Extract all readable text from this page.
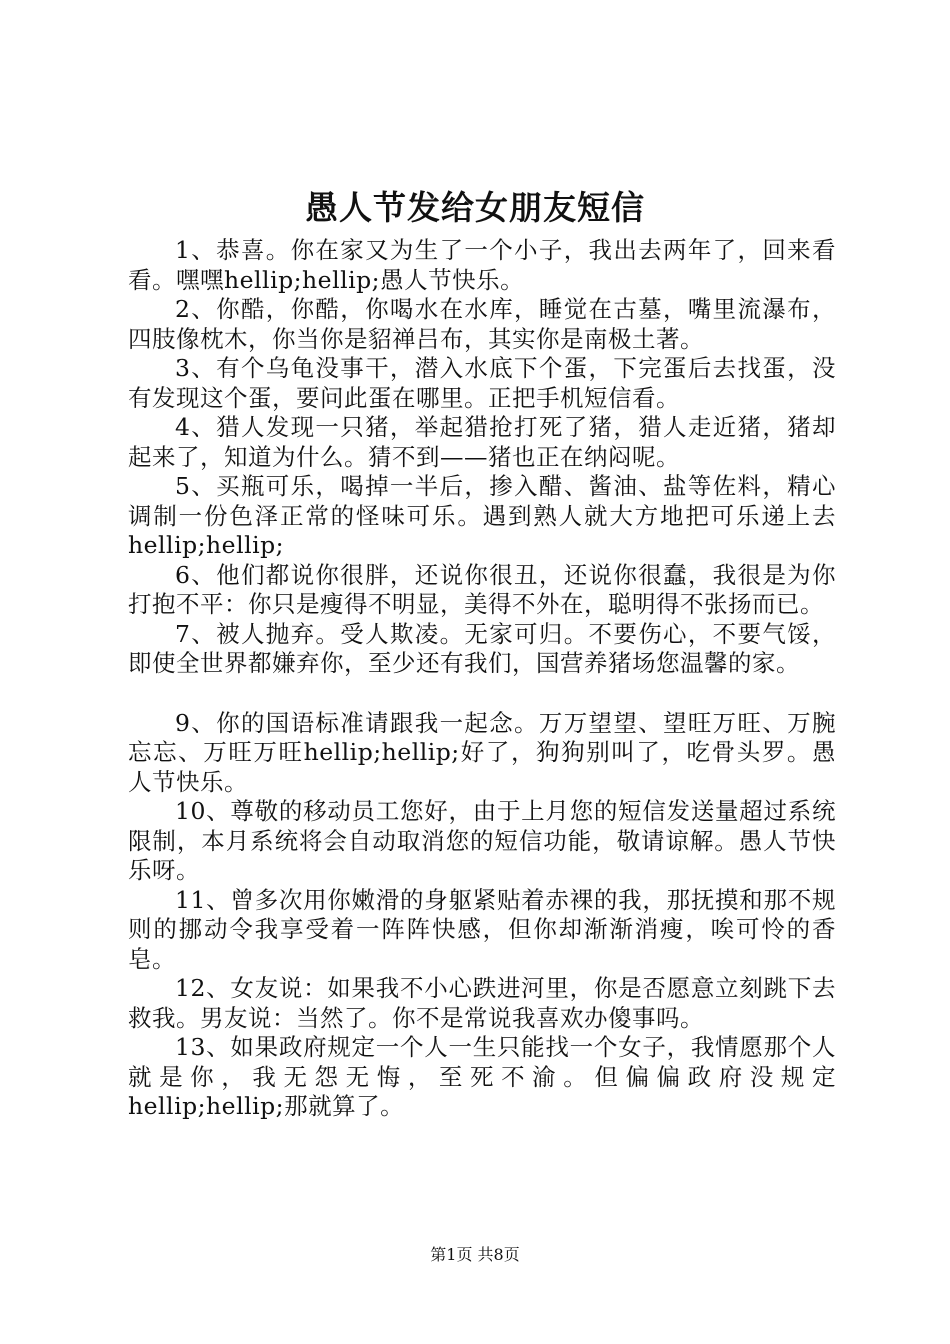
愚人节发给女朋友短信

1、恭喜。你在家又为生了一个小子，我出去两年了，回来看看。嘿嘿hellip;hellip;愚人节快乐。

2、你酷，你酷，你喝水在水库，睡觉在古墓，嘴里流瀑布，四肢像枕木，你当你是貂禅吕布，其实你是南极土著。

3、有个乌龟没事干，潜入水底下个蛋，下完蛋后去找蛋，没有发现这个蛋，要问此蛋在哪里。正把手机短信看。

4、猎人发现一只猪，举起猎抢打死了猪，猎人走近猪，猪却起来了，知道为什么。猜不到——猪也正在纳闷呢。

5、买瓶可乐，喝掉一半后，掺入醋、酱油、盐等佐料，精心调制一份色泽正常的怪味可乐。遇到熟人就大方地把可乐递上去hellip;hellip;

6、他们都说你很胖，还说你很丑，还说你很蠢，我很是为你打抱不平：你只是瘦得不明显，美得不外在，聪明得不张扬而已。

7、被人抛弃。受人欺凌。无家可归。不要伤心，不要气馁，即使全世界都嫌弃你，至少还有我们，国营养猪场您温馨的家。

9、你的国语标准请跟我一起念。万万望望、望旺万旺、万腕忘忘、万旺万旺hellip;hellip;好了，狗狗别叫了，吃骨头罗。愚人节快乐。

10、尊敬的移动员工您好，由于上月您的短信发送量超过系统限制，本月系统将会自动取消您的短信功能，敬请谅解。愚人节快乐呀。

11、曾多次用你嫩滑的身躯紧贴着赤裸的我，那抚摸和那不规则的挪动令我享受着一阵阵快感，但你却渐渐消瘦，唉可怜的香皂。

12、女友说：如果我不小心跌进河里，你是否愿意立刻跳下去救我。男友说：当然了。你不是常说我喜欢办傻事吗。

13、如果政府规定一个人一生只能找一个女子，我情愿那个人就是你，我无怨无悔，至死不渝。但偏偏政府没规定hellip;hellip;那就算了。

第1页 共8页
